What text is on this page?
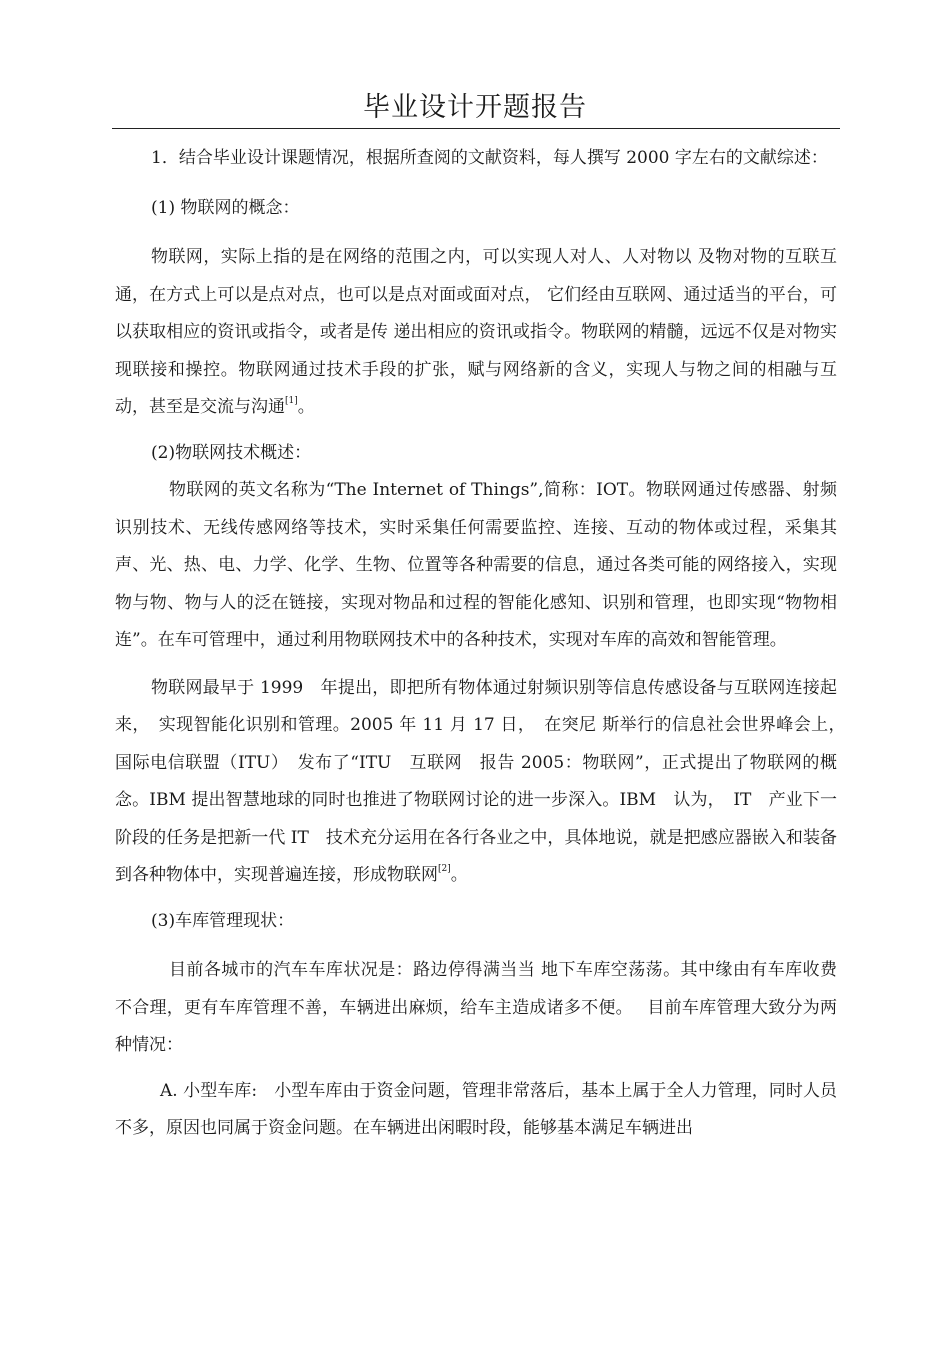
毕业设计开题报告

1．结合毕业设计课题情况，根据所查阅的文献资料，每人撰写 2000 字左右的文献综述：

(1) 物联网的概念：

物联网，实际上指的是在网络的范围之内，可以实现人对人、人对物以 及物对物的互联互通，在方式上可以是点对点，也可以是点对面或面对点， 它们经由互联网、通过适当的平台，可以获取相应的资讯或指令，或者是传 递出相应的资讯或指令。物联网的精髓，远远不仅是对物实现联接和操控。物联网通过技术手段的扩张，赋与网络新的含义，实现人与物之间的相融与互动，甚至是交流与沟通[1]。

(2)物联网技术概述：

物联网的英文名称为“The Internet of Things”,简称：IOT。物联网通过传感器、射频识别技术、无线传感网络等技术，实时采集任何需要监控、连接、互动的物体或过程，采集其声、光、热、电、力学、化学、生物、位置等各种需要的信息，通过各类可能的网络接入，实现物与物、物与人的泛在链接，实现对物品和过程的智能化感知、识别和管理，也即实现“物物相连”。在车可管理中，通过利用物联网技术中的各种技术，实现对车库的高效和智能管理。

物联网最早于 1999　年提出，即把所有物体通过射频识别等信息传感设备与互联网连接起来，　实现智能化识别和管理。2005 年 11 月 17 日，　在突尼 斯举行的信息社会世界峰会上，　国际电信联盟（ITU）　发布了“ITU　互联网　报告 2005：物联网”，正式提出了物联网的概念。IBM 提出智慧地球的同时也推进了物联网讨论的进一步深入。IBM　认为，　IT　产业下一阶段的任务是把新一代 IT　技术充分运用在各行各业之中，具体地说，就是把感应器嵌入和装备到各种物体中，实现普遍连接，形成物联网[2]。

(3)车库管理现状：

目前各城市的汽车车库状况是：路边停得满当当 地下车库空荡荡。其中缘由有车库收费不合理，更有车库管理不善，车辆进出麻烦，给车主造成诸多不便。　 目前车库管理大致分为两种情况：

A. 小型车库:　小型车库由于资金问题，管理非常落后，基本上属于全人力管理，同时人员不多，原因也同属于资金问题。在车辆进出闲暇时段，能够基本满足车辆进出
